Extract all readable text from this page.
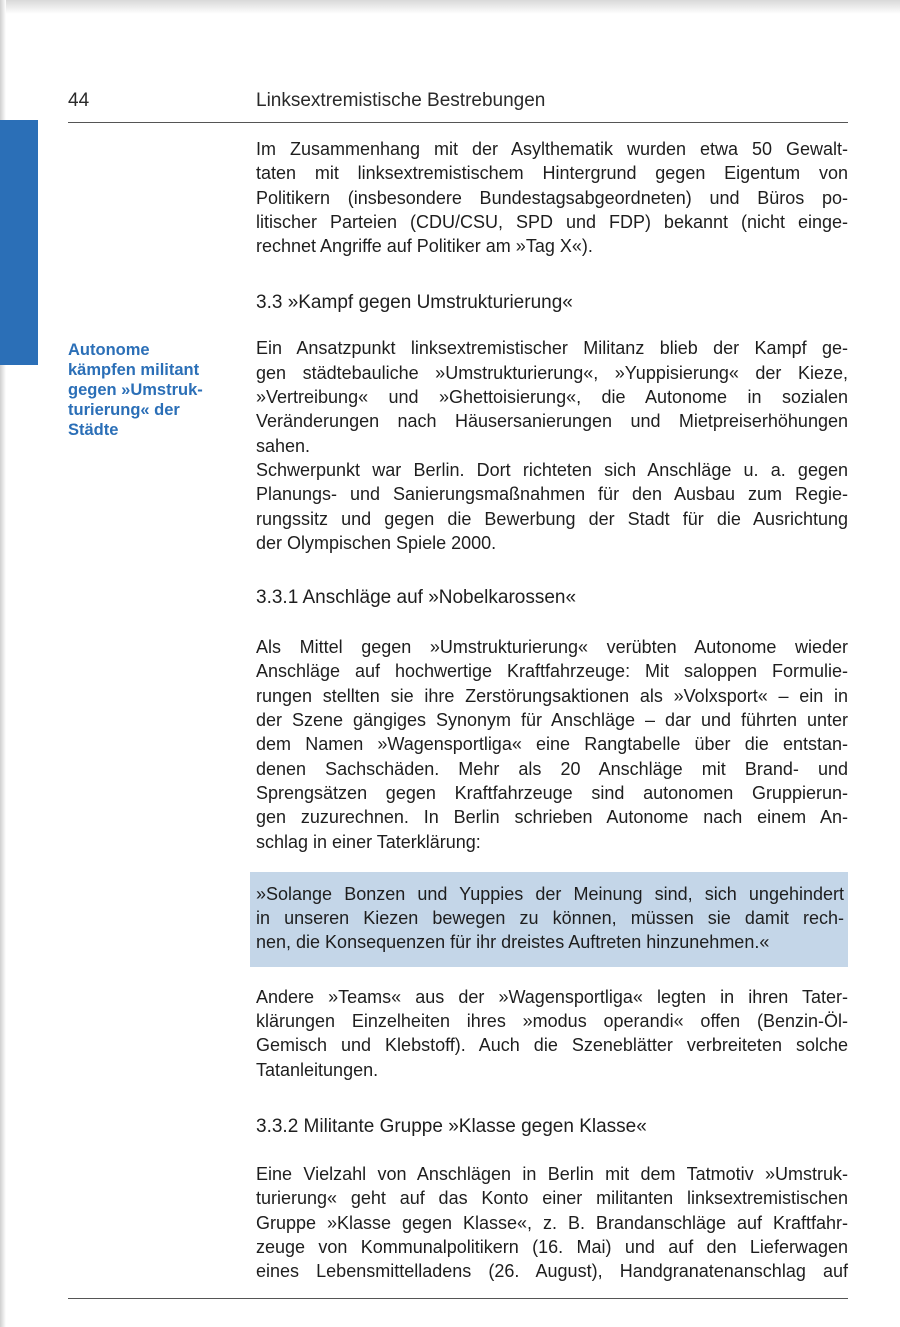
44	Linksextremistische Bestrebungen
Autonome
kämpfen militant
gegen »Umstruk-
turierung« der
Städte

Im Zusammenhang mit der Asylthematik wurden etwa 50 Gewalt-
taten mit linksextremistischem Hintergrund gegen Eigentum von
Politikern (insbesondere Bundestagsabgeordneten) und Büros po-
litischer Parteien (CDU/CSU, SPD und FDP) bekannt (nicht einge-
rechnet Angriffe auf Politiker am »Tag X«).

3.3 »Kampf gegen Umstrukturierung«

Ein Ansatzpunkt linksextremistischer Militanz blieb der Kampf ge-
gen städtebauliche »Umstrukturierung«, »Yuppisierung« der Kieze,
»Vertreibung« und »Ghettoisierung«, die Autonome in sozialen
Veränderungen nach Häusersanierungen und Mietpreiserhöhungen
sahen.

Schwerpunkt war Berlin. Dort richteten sich Anschläge u. a. gegen
Planungs- und Sanierungsmaßnahmen für den Ausbau zum Regie-
rungssitz und gegen die Bewerbung der Stadt für die Ausrichtung
der Olympischen Spiele 2000.

3.3.1 Anschläge auf »Nobelkarossen«

Als Mittel gegen »Umstrukturierung« verübten Autonome wieder
Anschläge auf hochwertige Kraftfahrzeuge: Mit saloppen Formulie-
rungen stellten sie ihre Zerstörungsaktionen als »Volxsport« – ein in
der Szene gängiges Synonym für Anschläge – dar und führten unter
dem Namen »Wagensportliga« eine Rangtabelle über die entstan-
denen Sachschäden. Mehr als 20 Anschläge mit Brand- und
Sprengsätzen gegen Kraftfahrzeuge sind autonomen Gruppierun-
gen zuzurechnen. In Berlin schrieben Autonome nach einem An-
schlag in einer Taterklärung:

»Solange Bonzen und Yuppies der Meinung sind, sich ungehindert
in unseren Kiezen bewegen zu können, müssen sie damit rech-
nen, die Konsequenzen für ihr dreistes Auftreten hinzunehmen.«

Andere »Teams« aus der »Wagensportliga« legten in ihren Tater-
klärungen Einzelheiten ihres »modus operandi« offen (Benzin-Öl-
Gemisch und Klebstoff). Auch die Szeneblätter verbreiteten solche
Tatanleitungen.

3.3.2 Militante Gruppe »Klasse gegen Klasse«

Eine Vielzahl von Anschlägen in Berlin mit dem Tatmotiv »Umstruk-
turierung« geht auf das Konto einer militanten linksextremistischen
Gruppe »Klasse gegen Klasse«, z. B. Brandanschläge auf Kraftfahr-
zeuge von Kommunalpolitikern (16. Mai) und auf den Lieferwagen
eines Lebensmittelladens (26. August), Handgranatenanschlag auf
